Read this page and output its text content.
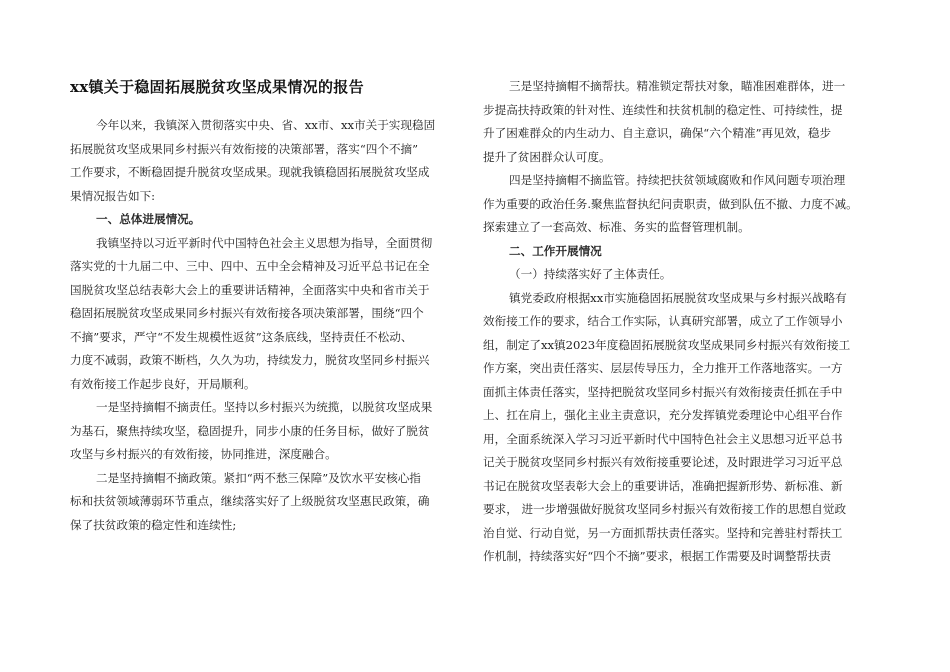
xx镇关于稳固拓展脱贫攻坚成果情况的报告
今年以来，我镇深入贯彻落实中央、省、xx市、xx市关于实现稳固
拓展脱贫攻坚成果同乡村振兴有效衔接的决策部署，落实“四个不摘”
工作要求，不断稳固提升脱贫攻坚成果。现就我镇稳固拓展脱贫攻坚成
果情况报告如下:
一、总体进展情况。
我镇坚持以习近平新时代中国特色社会主义思想为指导，全面贯彻
落实党的十九届二中、三中、四中、五中全会精神及习近平总书记在全
国脱贫攻坚总结表彰大会上的重要讲话精神，全面落实中央和省市关于
稳固拓展脱贫攻坚成果同乡村振兴有效衔接各项决策部署，围绕“四个
不摘”要求，严守“不发生规模性返贫”这条底线，坚持责任不松动、
力度不减弱，政策不断档，久久为功，持续发力，脱贫攻坚同乡村振兴
有效衔接工作起步良好，开局顺利。
一是坚持摘帽不摘责任。坚持以乡村振兴为统揽，以脱贫攻坚成果
为基石，聚焦持续攻坚，稳固提升，同步小康的任务目标，做好了脱贫
攻坚与乡村振兴的有效衔接，协同推进，深度融合。
二是坚持摘帽不摘政策。紧扣“两不愁三保障”及饮水平安核心指
标和扶贫领域薄弱环节重点，继续落实好了上级脱贫攻坚惠民政策，确
保了扶贫政策的稳定性和连续性;
三是坚持摘帽不摘帮扶。精准锁定帮扶对象，瞄准困难群体，进一
步提高扶持政策的针对性、连续性和扶贫机制的稳定性、可持续性，提
升了困难群众的内生动力、自主意识，确保“六个精准”再见效，稳步
提升了贫困群众认可度。
四是坚持摘帽不摘监管。持续把扶贫领域腐败和作风问题专项治理
作为重要的政治任务.聚焦监督执纪问责职责，做到队伍不撤、力度不减。
探索建立了一套高效、标准、务实的监督管理机制。
二、工作开展情况
（一）持续落实好了主体责任。
镇党委政府根据xx市实施稳固拓展脱贫攻坚成果与乡村振兴战略有
效衔接工作的要求，结合工作实际，认真研究部署，成立了工作领导小
组，制定了xx镇2023年度稳固拓展脱贫攻坚成果同乡村振兴有效衔接工
作方案，突出责任落实、层层传导压力，全力推开工作落地落实。一方
面抓主体责任落实，坚持把脱贫攻坚同乡村振兴有效衔接责任抓在手中
上、扛在肩上，强化主业主责意识，充分发挥镇党委理论中心组平台作
用，全面系统深入学习习近平新时代中国特色社会主义思想习近平总书
记关于脱贫攻坚同乡村振兴有效衔接重要论述，及时跟进学习习近平总
书记在脱贫攻坚表彰大会上的重要讲话，准确把握新形势、新标准、新
要求， 进一步增强做好脱贫攻坚同乡村振兴有效衔接工作的思想自觉政
治自觉、行动自觉，另一方面抓帮扶责任落实。坚持和完善驻村帮扶工
作机制，持续落实好“四个不摘”要求，根据工作需要及时调整帮扶责
